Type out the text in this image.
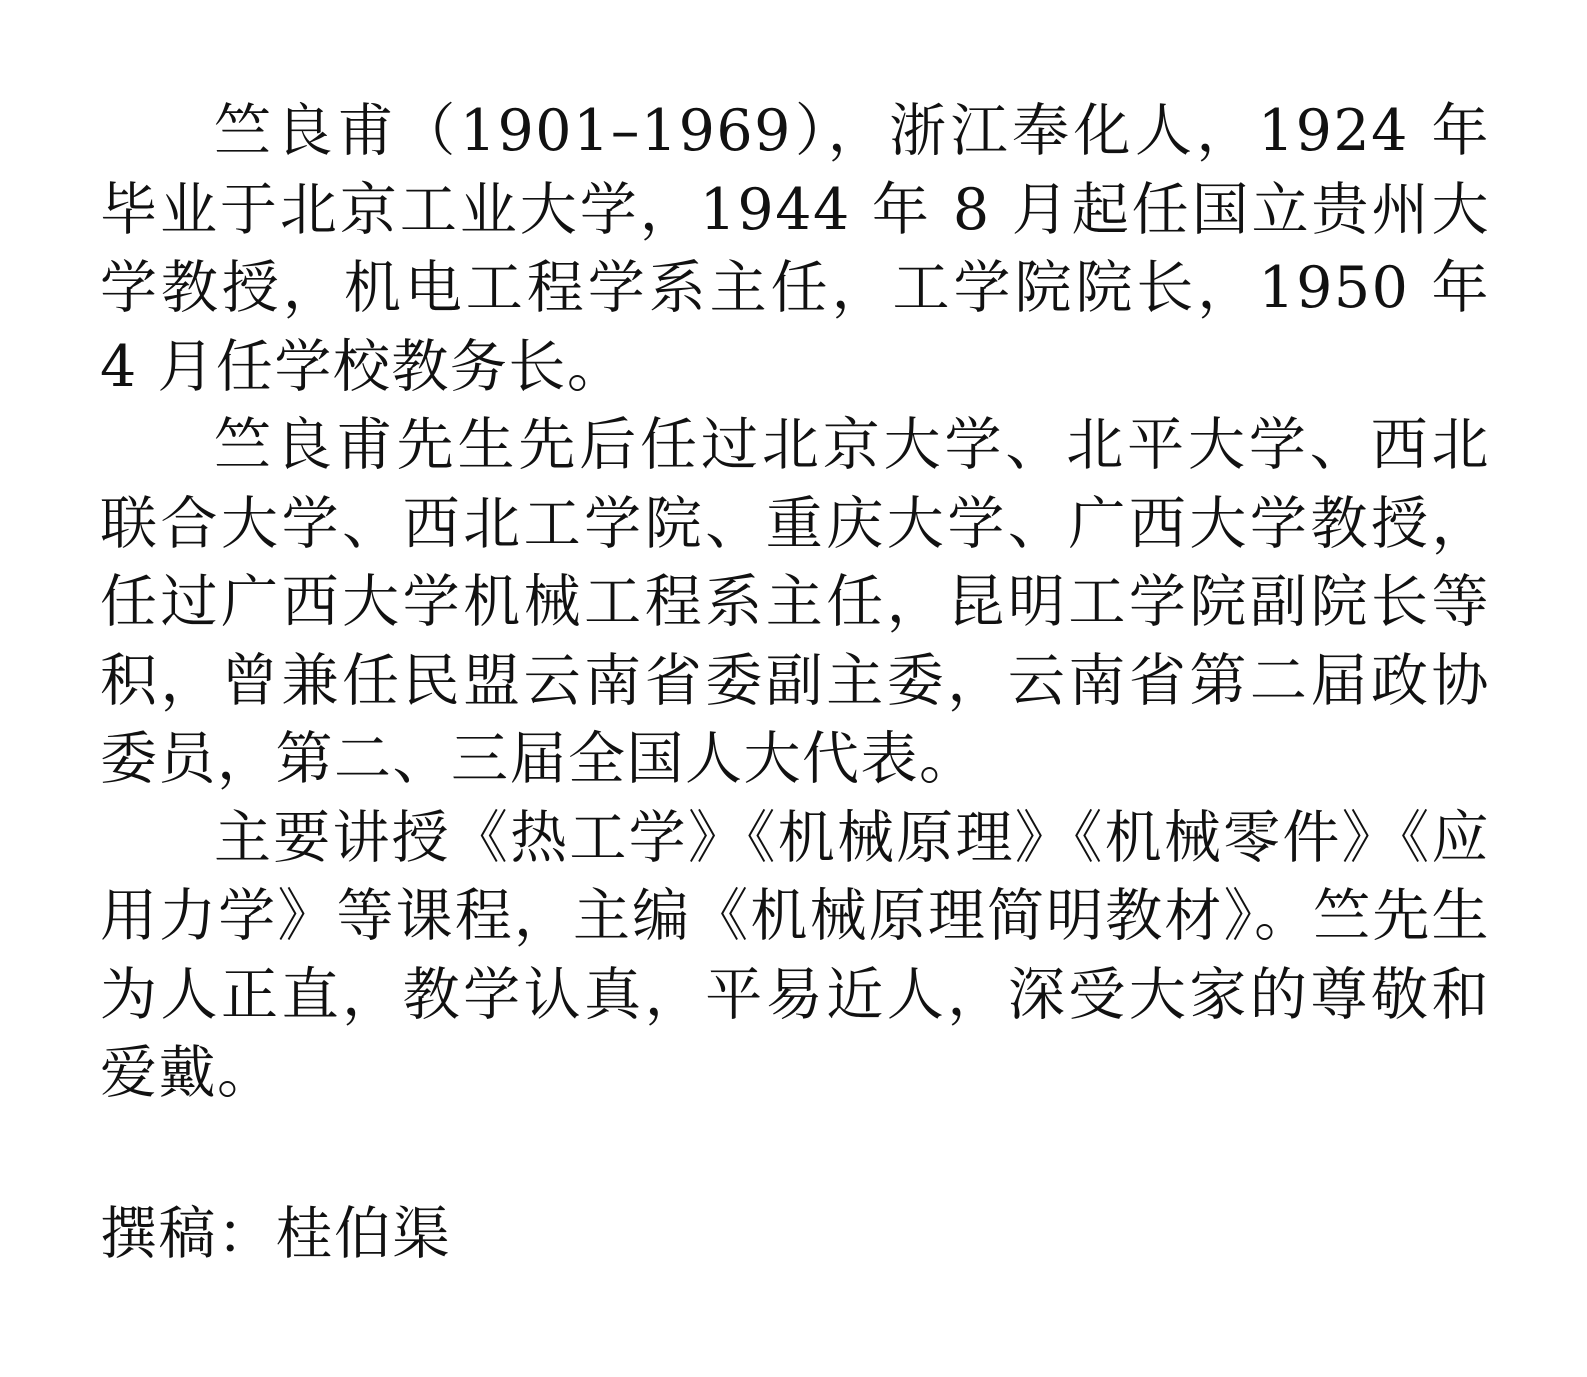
竺良甫（1901–1969），浙江奉化人，1924 年毕业于北京工业大学，1944 年 8 月起任国立贵州大学教授，机电工程学系主任，工学院院长，1950 年 4 月任学校教务长。

竺良甫先生先后任过北京大学、北平大学、西北联合大学、西北工学院、重庆大学、广西大学教授，任过广西大学机械工程系主任，昆明工学院副院长等积，曾兼任民盟云南省委副主委，云南省第二届政协委员，第二、三届全国人大代表。

主要讲授《热工学》《机械原理》《机械零件》《应用力学》等课程，主编《机械原理简明教材》。竺先生为人正直，教学认真，平易近人，深受大家的尊敬和爱戴。

撰稿：桂伯渠
